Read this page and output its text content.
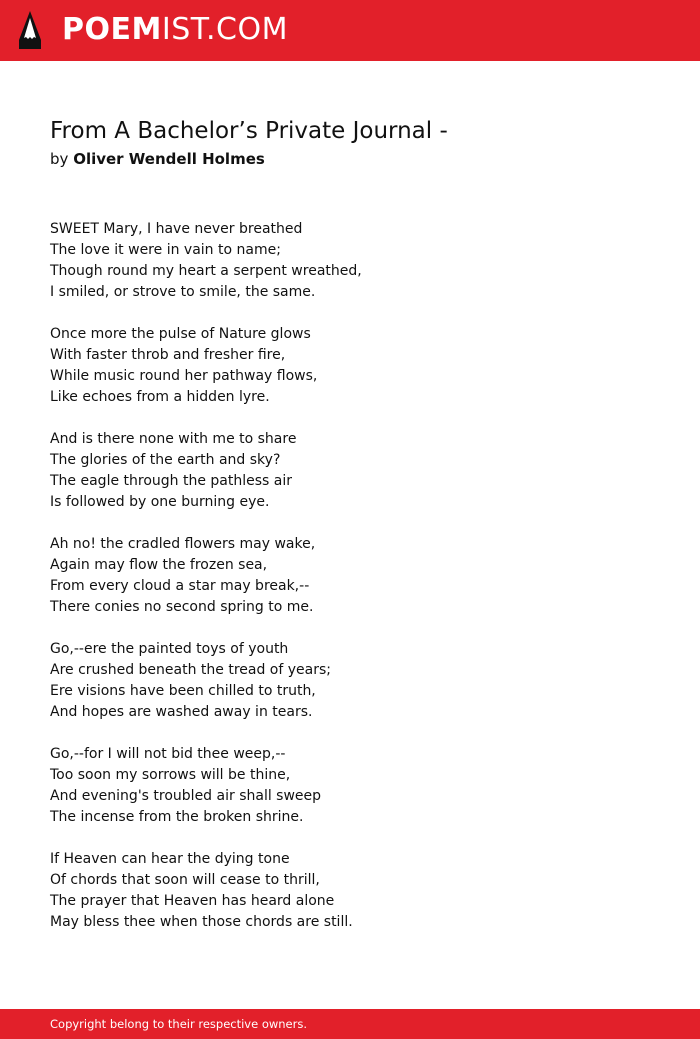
POEMIST.COM
From A Bachelor’s Private Journal -
by Oliver Wendell Holmes
SWEET Mary, I have never breathed
The love it were in vain to name;
Though round my heart a serpent wreathed,
I smiled, or strove to smile, the same.
Once more the pulse of Nature glows
With faster throb and fresher fire,
While music round her pathway flows,
Like echoes from a hidden lyre.
And is there none with me to share
The glories of the earth and sky?
The eagle through the pathless air
Is followed by one burning eye.
Ah no! the cradled flowers may wake,
Again may flow the frozen sea,
From every cloud a star may break,--
There conies no second spring to me.
Go,--ere the painted toys of youth
Are crushed beneath the tread of years;
Ere visions have been chilled to truth,
And hopes are washed away in tears.
Go,--for I will not bid thee weep,--
Too soon my sorrows will be thine,
And evening's troubled air shall sweep
The incense from the broken shrine.
If Heaven can hear the dying tone
Of chords that soon will cease to thrill,
The prayer that Heaven has heard alone
May bless thee when those chords are still.
Copyright belong to their respective owners.
